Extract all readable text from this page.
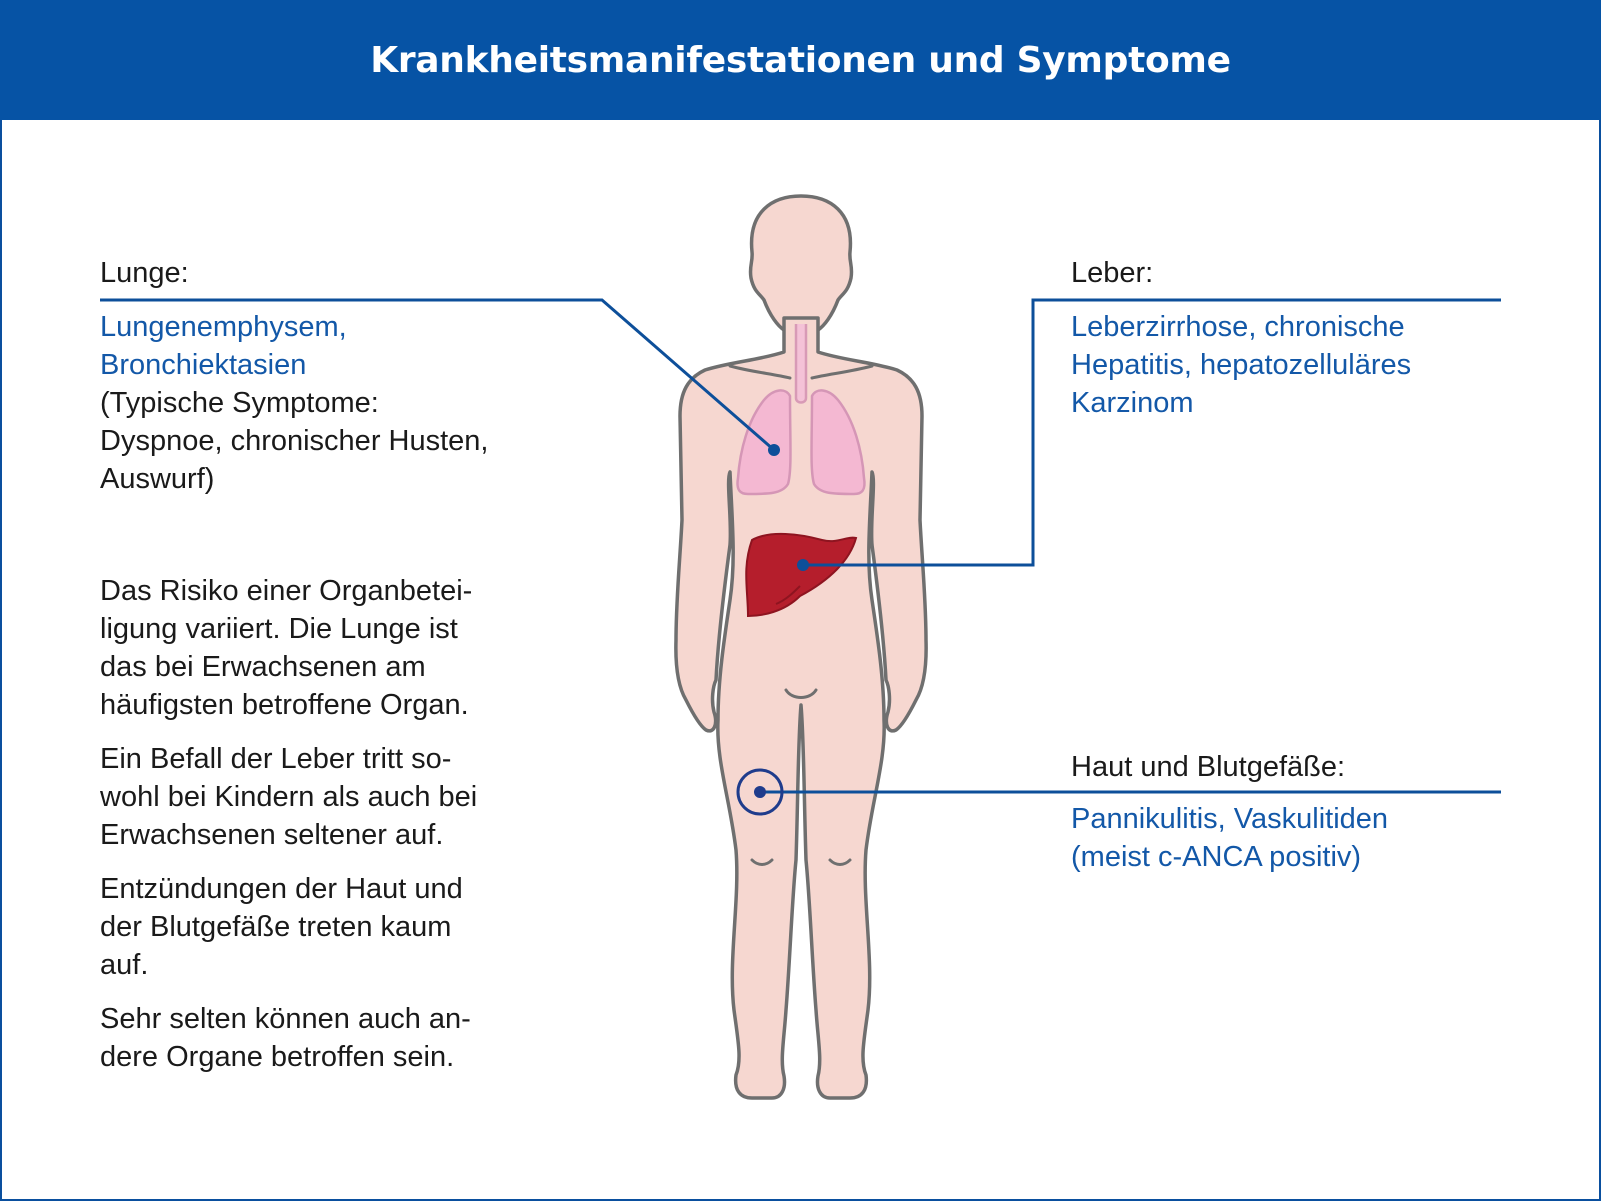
Krankheitsmanifestationen und Symptome

Lunge:

Lungenemphysem,

Bronchiektasien

(Typische Symptome:

Dyspnoe, chronischer Husten,

Auswurf)

Leber:

Leberzirrhose, chronische

Hepatitis, hepatozelluläres

Karzinom

Haut und Blutgefäße:

Pannikulitis, Vaskulitiden

(meist c-ANCA positiv)

Das Risiko einer Organbetei-

ligung variiert. Die Lunge ist

das bei Erwachsenen am

häufigsten betroffene Organ.

Ein Befall der Leber tritt so-

wohl bei Kindern als auch bei

Erwachsenen seltener auf.

Entzündungen der Haut und

der Blutgefäße treten kaum

auf.

Sehr selten können auch an-

dere Organe betroffen sein.
